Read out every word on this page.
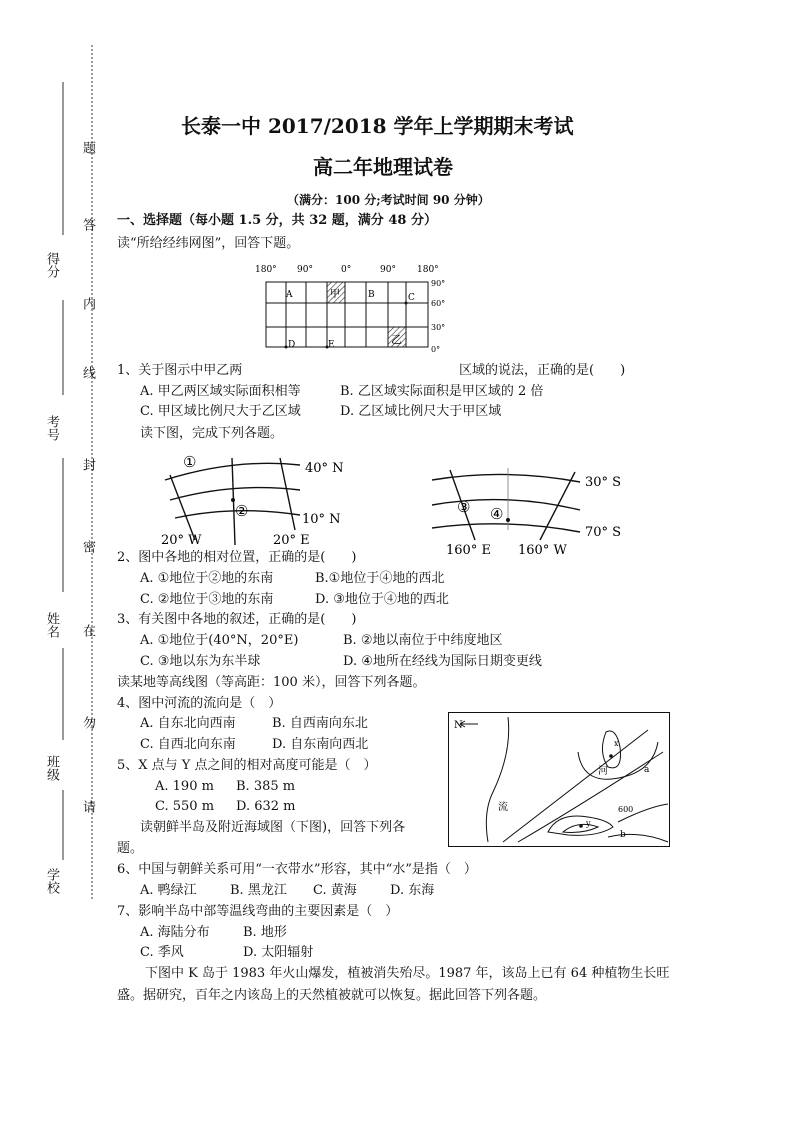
题
答
内
线
封
密
在
勿
请
得分
考号
姓名
班级
学校
长泰一中 2017/2018 学年上学期期末考试
高二年地理试卷
（满分：100 分;考试时间 90 分钟）
一、选择题（每小题 1.5 分，共 32 题，满分 48 分）
读“所给经纬网图”，回答下题。
180° 90°	0°	90° 180°
A	甲	B	C
D	E	乙
90°
60°
30°
0°
1、关于图示中甲乙两	区域的说法，正确的是(　　)
A. 甲乙两区域实际面积相等	B. 乙区域实际面积是甲区域的 2 倍
C. 甲区域比例尺大于乙区域	D. 乙区域比例尺大于甲区域
读下图，完成下列各题。
①
②
40° N
10° N
20° W	20° E
③ ④
30° S
70° S
160° E 160° W
2、图中各地的相对位置，正确的是(　　)
A. ①地位于②地的东南	B.①地位于④地的西北
C. ②地位于③地的东南	D. ③地位于④地的西北
3、有关图中各地的叙述，正确的是(　　)
A. ①地位于(40°N，20°E)	B. ②地以南位于中纬度地区
C. ③地以东为东半球	D. ④地所在经线为国际日期变更线
读某地等高线图（等高距：100 米），回答下列各题。
4、图中河流的流向是（　）
A. 自东北向西南	B. 自西南向东北
C. 自西北向东南	D. 自东南向西北
5、X 点与 Y 点之间的相对高度可能是（　）
A. 190 m B. 385 m
C. 550 m D. 632 m
N
河
流
a
b
600
x
y
读朝鲜半岛及附近海域图（下图)，回答下列各
题。
6、中国与朝鲜关系可用“一衣带水”形容，其中“水”是指（　）
A. 鸭绿江	B. 黑龙江 C. 黄海	D. 东海
7、影响半岛中部等温线弯曲的主要因素是（　）
A. 海陆分布	B. 地形
C. 季风	D. 太阳辐射
下图中 K 岛于 1983 年火山爆发，植被消失殆尽。1987 年，该岛上已有 64 种植物生长旺
盛。据研究，百年之内该岛上的天然植被就可以恢复。据此回答下列各题。
